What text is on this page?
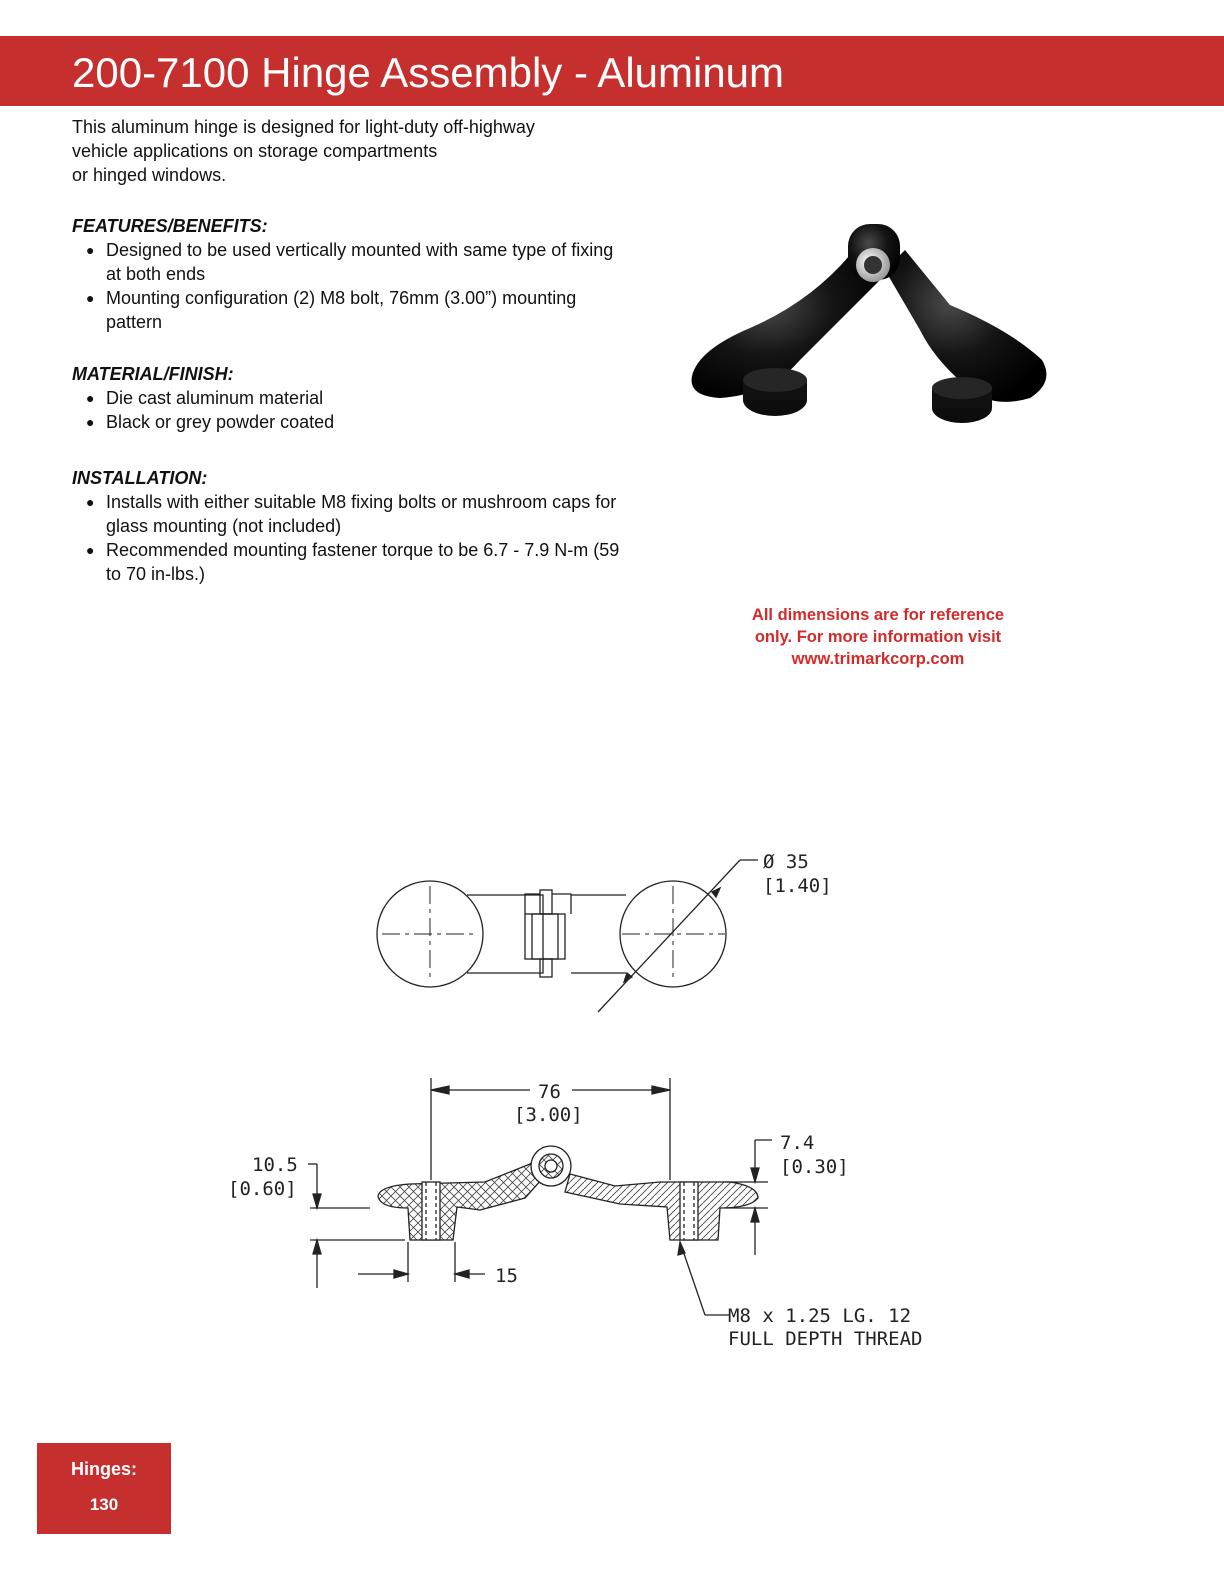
200-7100 Hinge Assembly - Aluminum

This aluminum hinge is designed for light-duty off-highway
vehicle applications on storage compartments
or hinged windows.

FEATURES/BENEFITS:
● Designed to be used vertically mounted with same type of fixing at both ends
● Mounting configuration (2) M8 bolt, 76mm (3.00”) mounting pattern
MATERIAL/FINISH:
● Die cast aluminum material
● Black or grey powder coated
INSTALLATION:
● Installs with either suitable M8 fixing bolts or mushroom caps for glass mounting (not included)
● Recommended mounting fastener torque to be 6.7 - 7.9 N-m (59 to 70 in-lbs.)

All dimensions are for reference
only. For more information visit
www.trimarkcorp.com

Ø 35
[1.40]
76
[3.00]
10.5
[0.60]
15
7.4
[0.30]
M8 x 1.25 LG. 12
FULL DEPTH THREAD
Hinges:
130
